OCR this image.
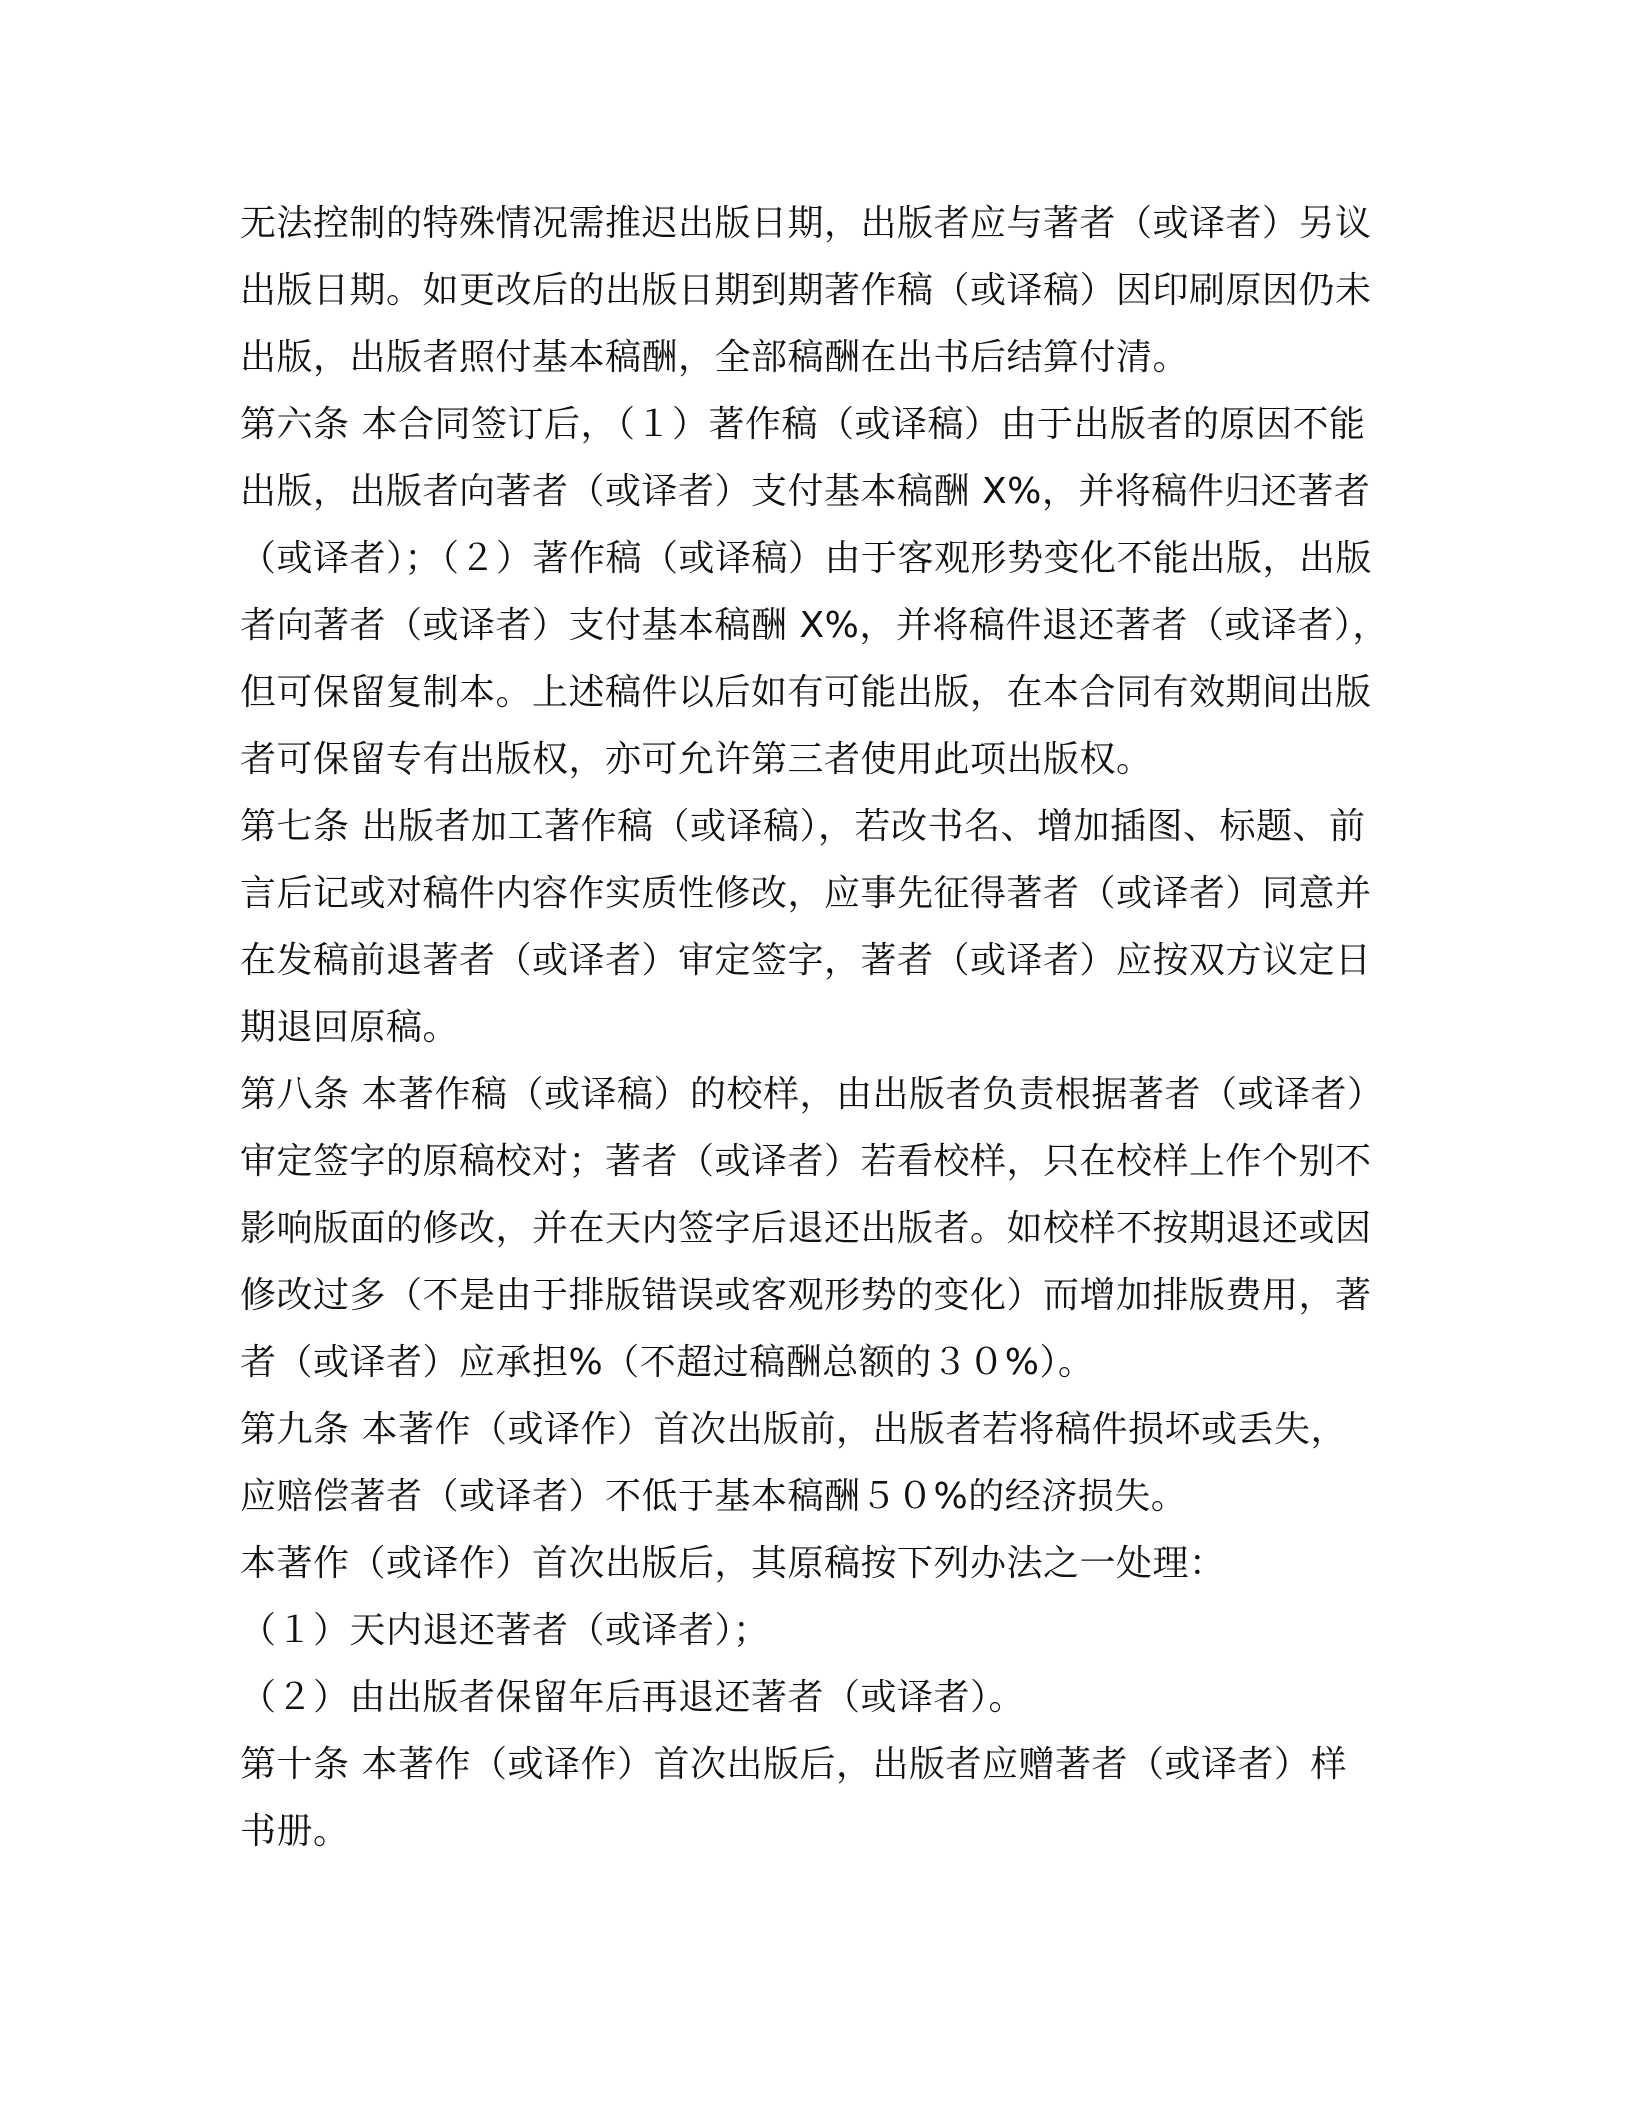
无法控制的特殊情况需推迟出版日期，出版者应与著者（或译者）另议
出版日期。如更改后的出版日期到期著作稿（或译稿）因印刷原因仍未
出版，出版者照付基本稿酬，全部稿酬在出书后结算付清。
第六条 本合同签订后，（１）著作稿（或译稿）由于出版者的原因不能
出版，出版者向著者（或译者）支付基本稿酬 X%，并将稿件归还著者
（或译者）；（２）著作稿（或译稿）由于客观形势变化不能出版，出版
者向著者（或译者）支付基本稿酬 X%，并将稿件退还著者（或译者），
但可保留复制本。上述稿件以后如有可能出版，在本合同有效期间出版
者可保留专有出版权，亦可允许第三者使用此项出版权。
第七条 出版者加工著作稿（或译稿），若改书名、增加插图、标题、前
言后记或对稿件内容作实质性修改，应事先征得著者（或译者）同意并
在发稿前退著者（或译者）审定签字，著者（或译者）应按双方议定日
期退回原稿。
第八条 本著作稿（或译稿）的校样，由出版者负责根据著者（或译者）
审定签字的原稿校对；著者（或译者）若看校样，只在校样上作个别不
影响版面的修改，并在天内签字后退还出版者。如校样不按期退还或因
修改过多（不是由于排版错误或客观形势的变化）而增加排版费用，著
者（或译者）应承担%（不超过稿酬总额的３０%）。
第九条 本著作（或译作）首次出版前，出版者若将稿件损坏或丢失，
应赔偿著者（或译者）不低于基本稿酬５０%的经济损失。
本著作（或译作）首次出版后，其原稿按下列办法之一处理：
（１）天内退还著者（或译者）；
（２）由出版者保留年后再退还著者（或译者）。
第十条 本著作（或译作）首次出版后，出版者应赠著者（或译者）样
书册。
